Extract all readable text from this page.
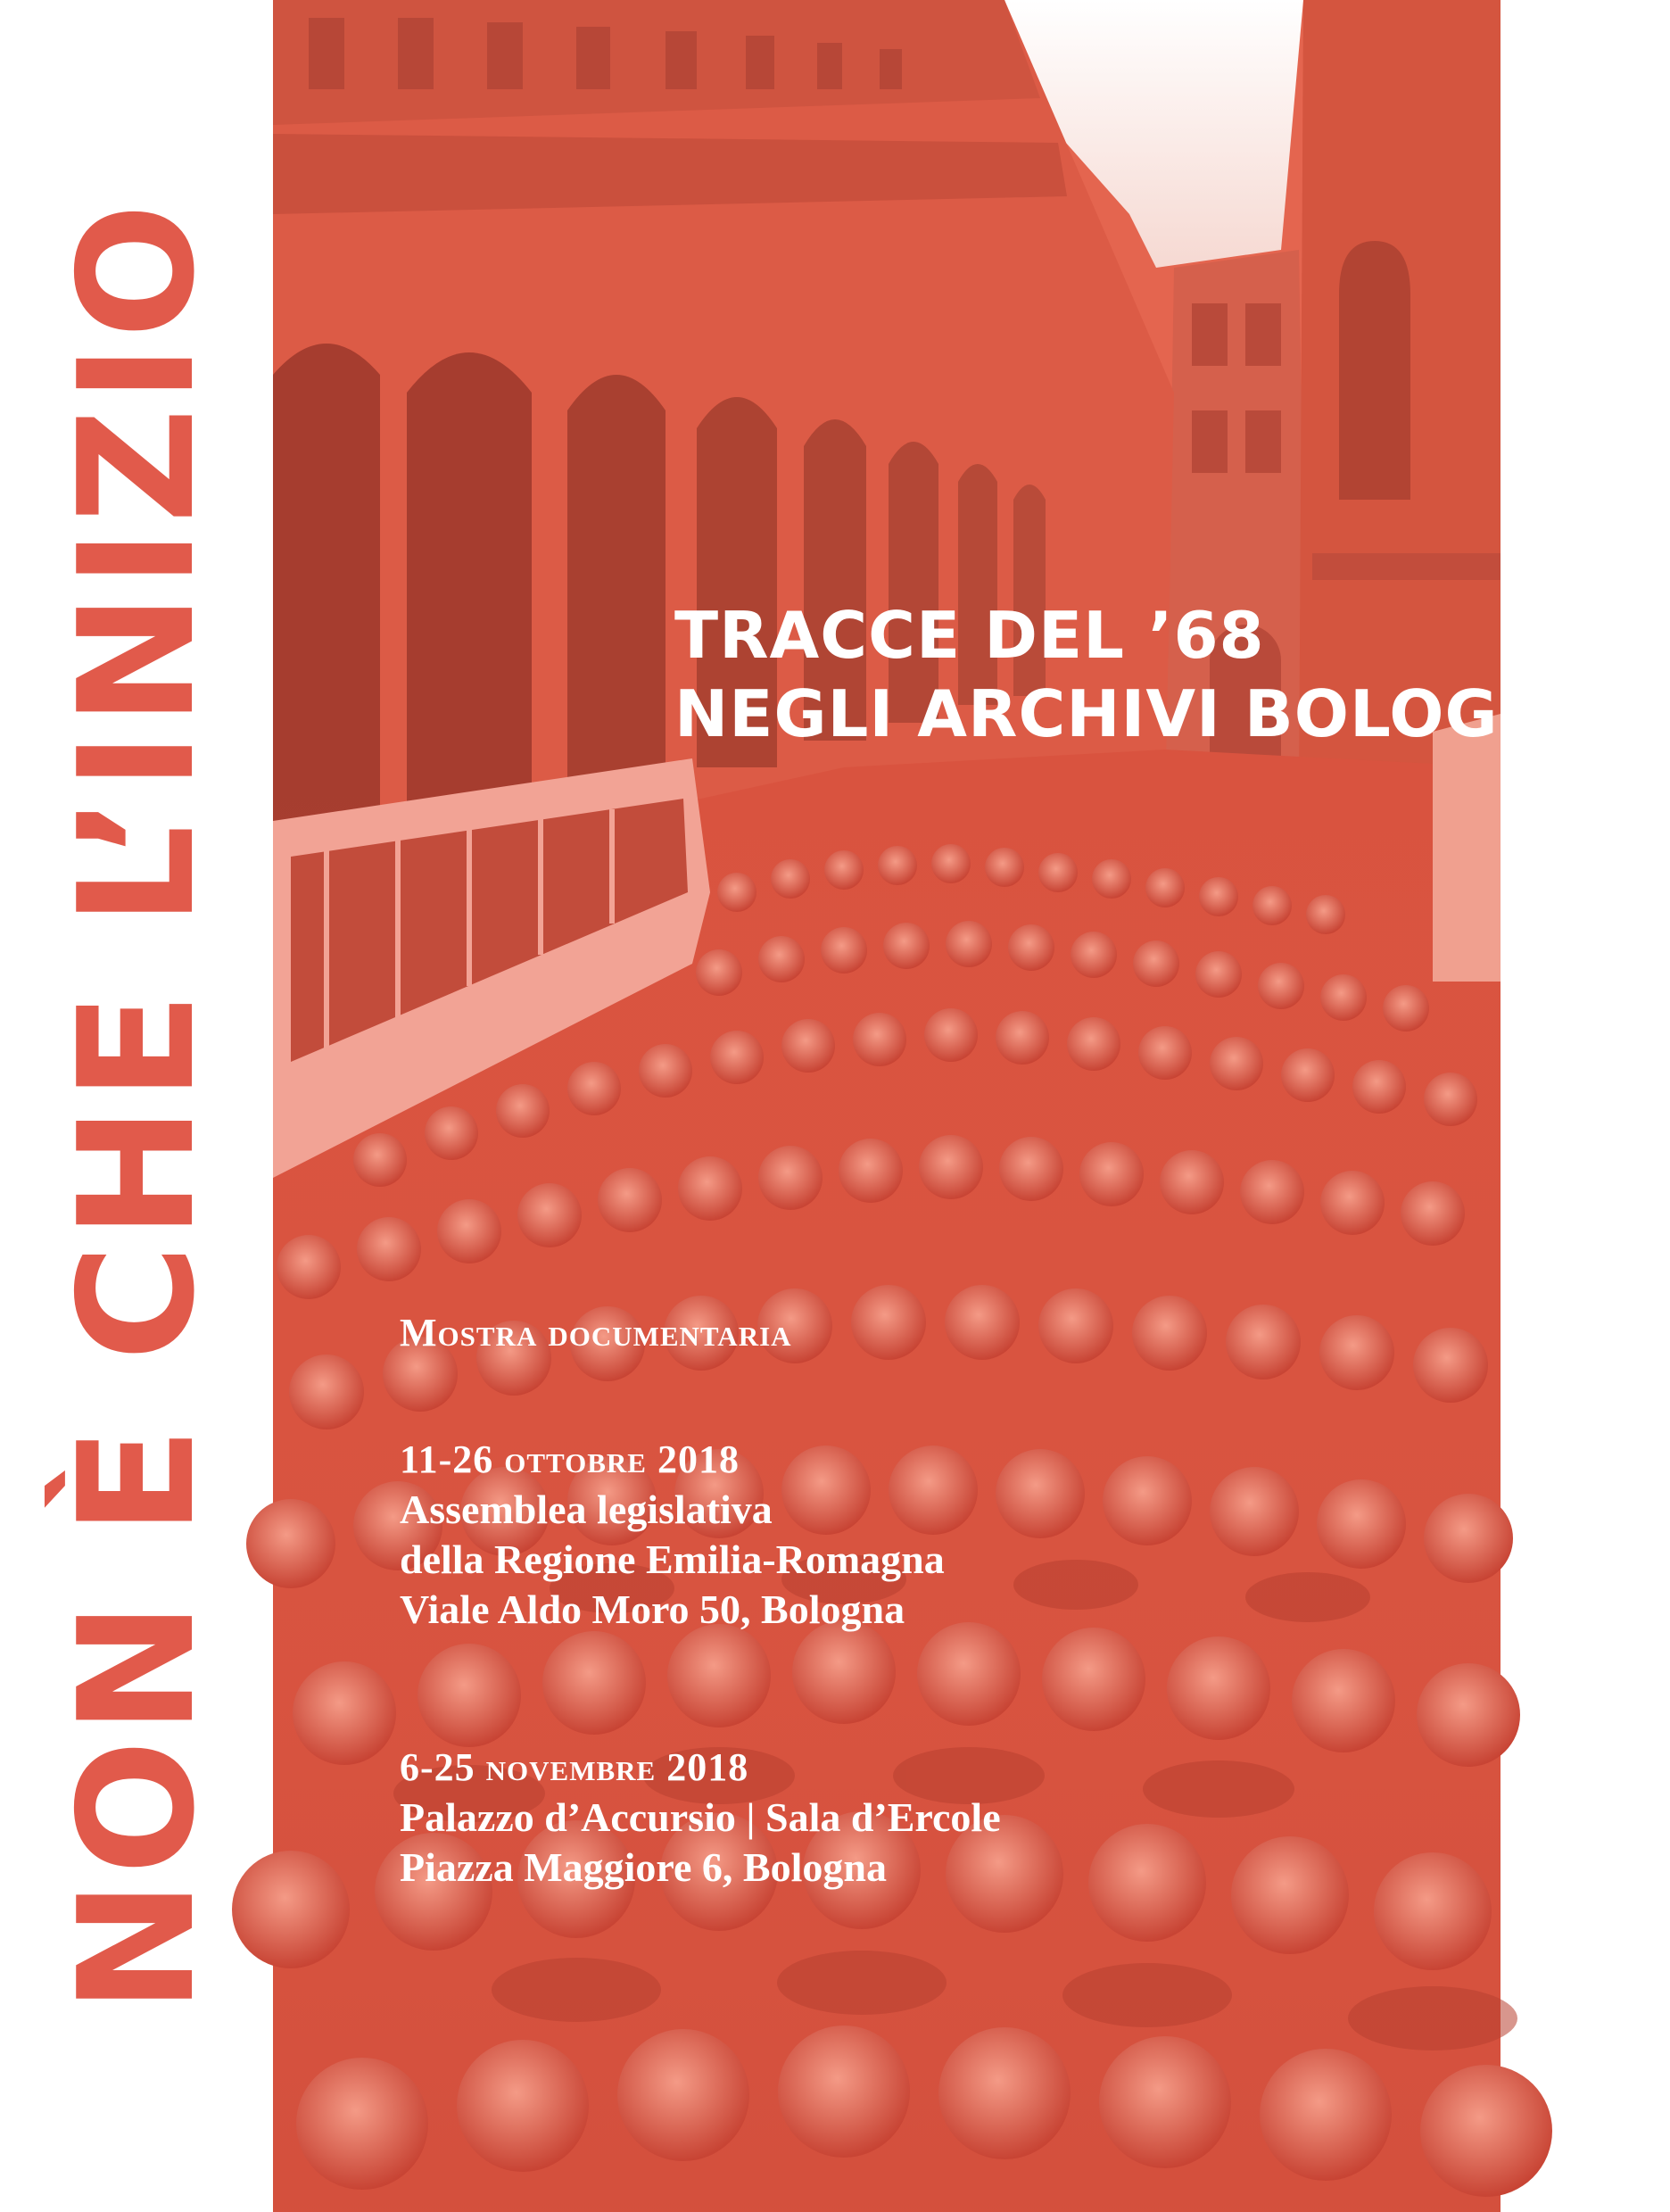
NON È CHE L’INIZIO	TRACCE DEL ’68
NEGLI ARCHIVI BOLOGNESI
Mostra documentaria
11-26 ottobre 2018
Assemblea legislativa
della Regione Emilia-Romagna
Viale Aldo Moro 50, Bologna
6-25 novembre 2018
Palazzo d’Accursio | Sala d’Ercole
Piazza Maggiore 6, Bologna
